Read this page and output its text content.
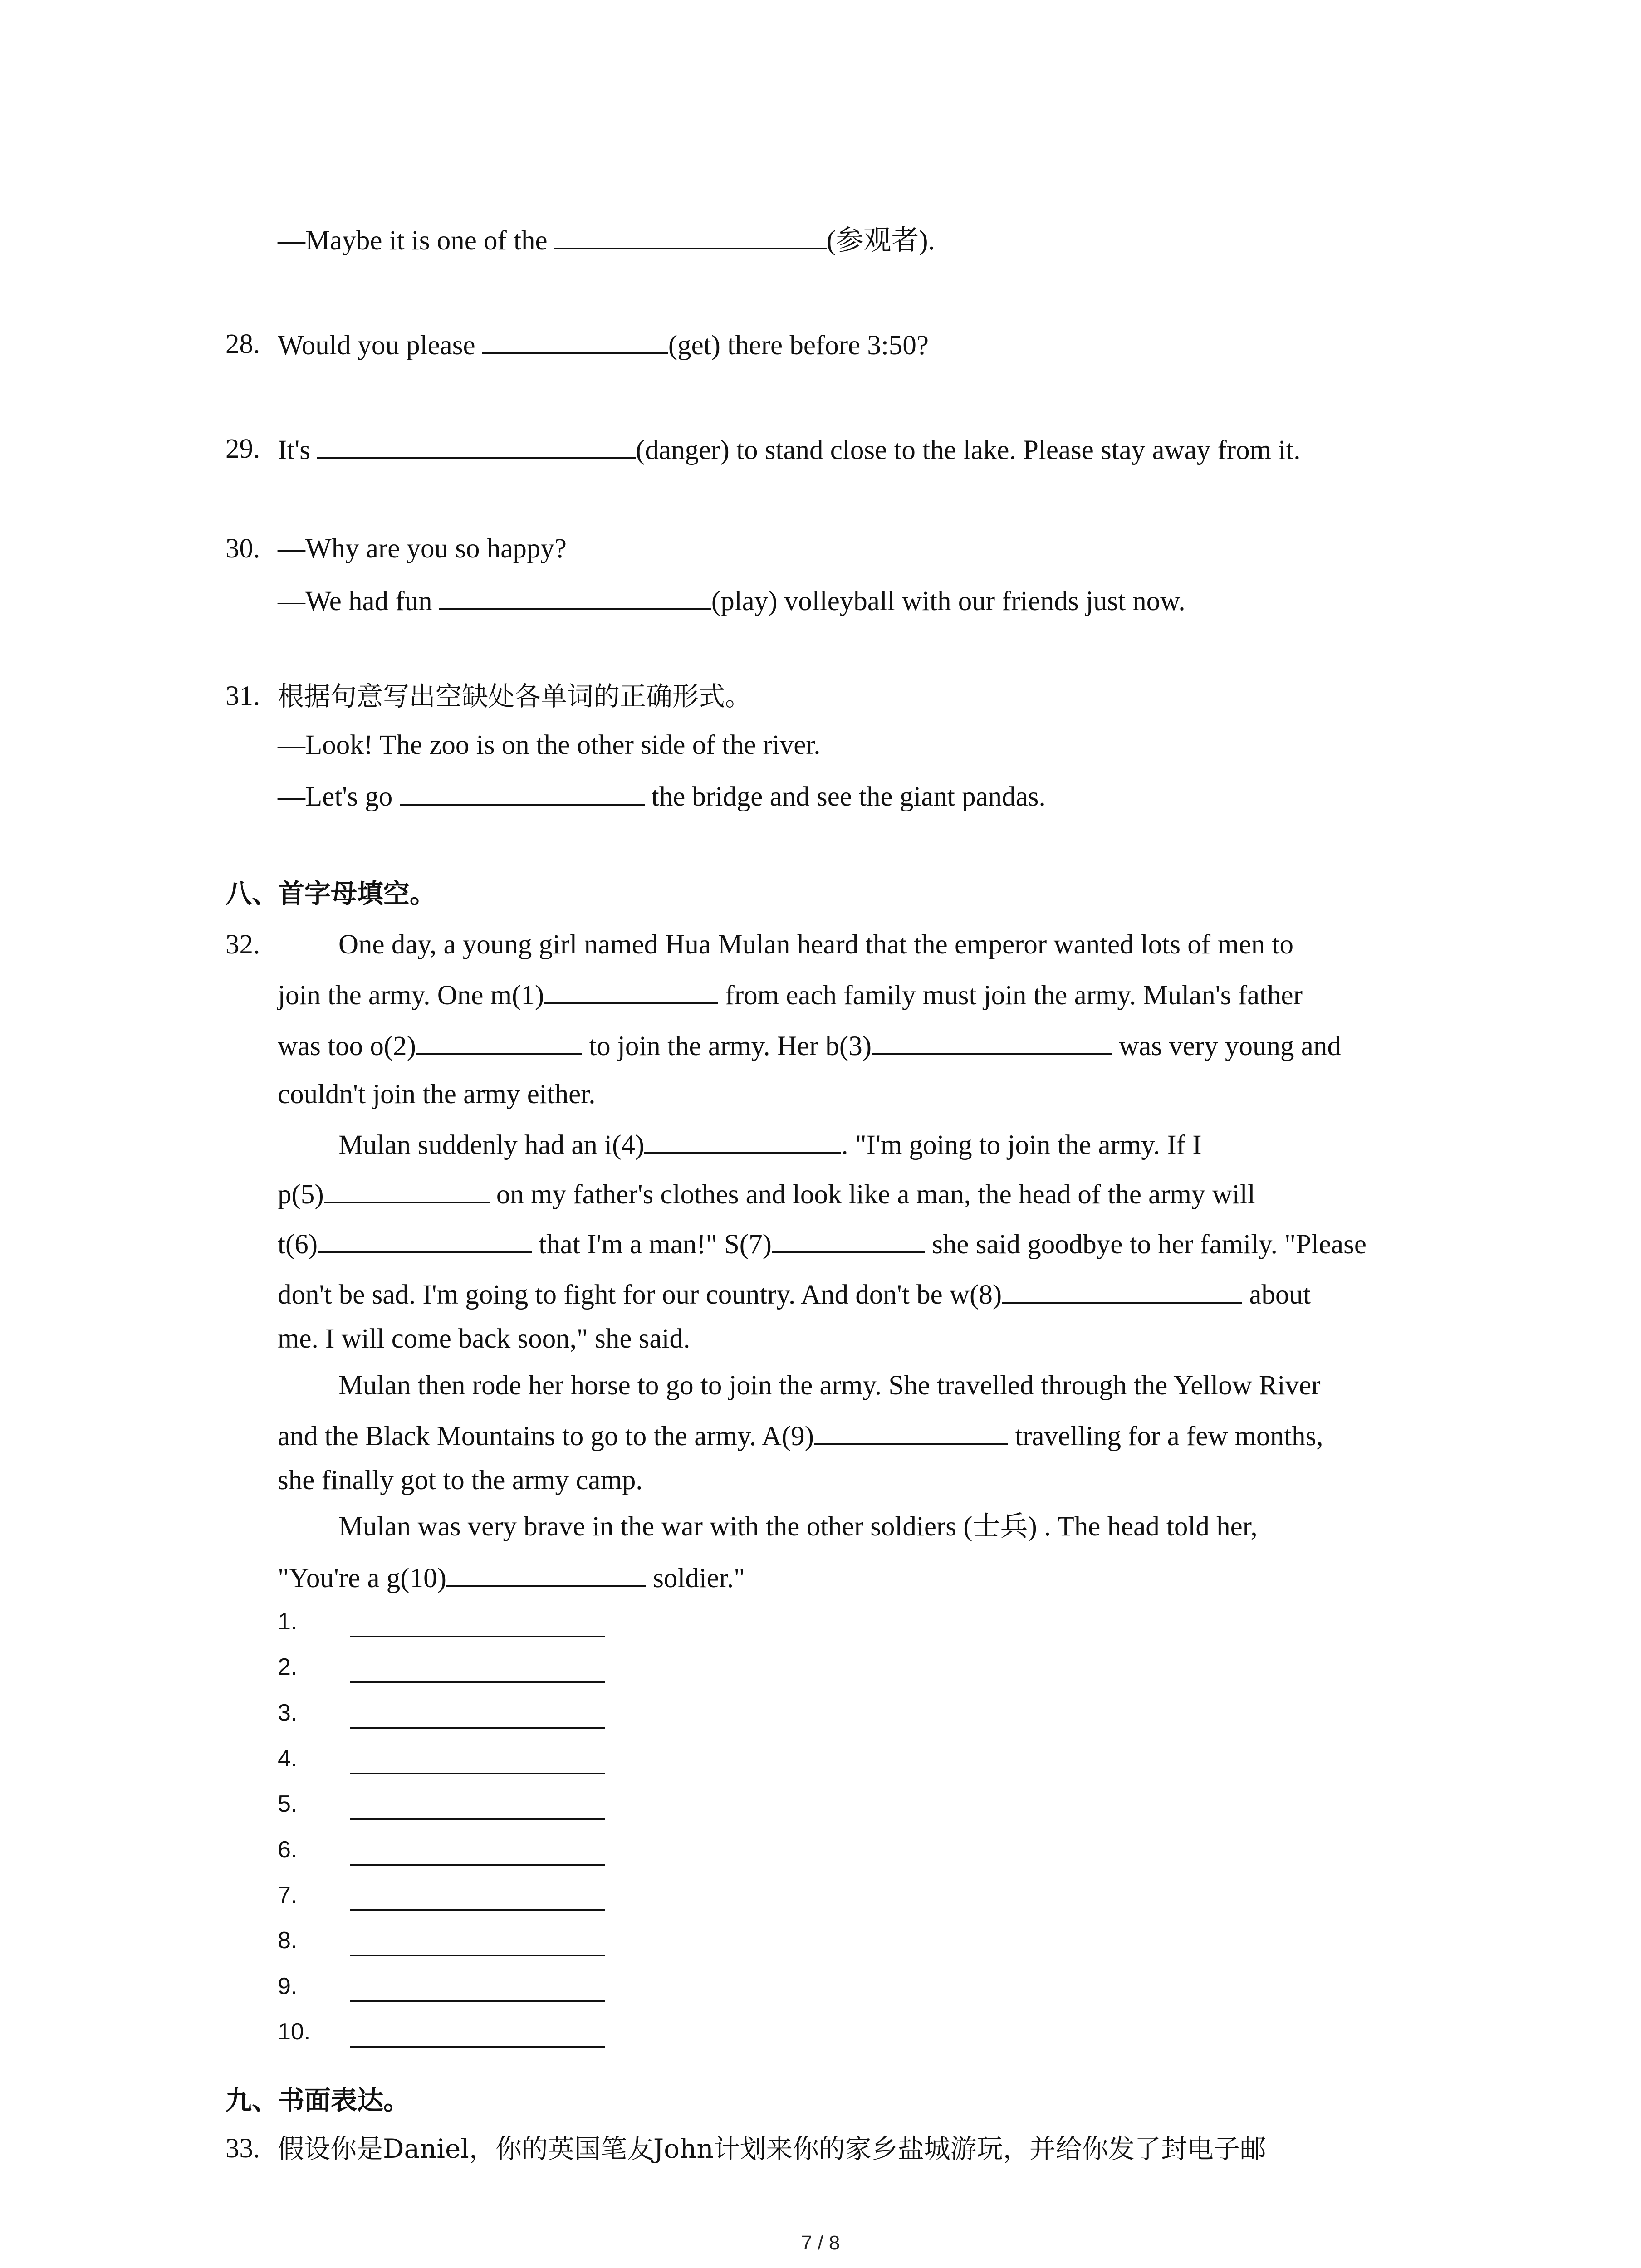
—Maybe it is one of the	(参观者).
28. Would you please	(get) there before 3:50?
29. It's	(danger) to stand close to the lake. Please stay away from it.
30. —Why are you so happy?
—We had fun	(play) volleyball with our friends just now.
31. 根据句意写出空缺处各单词的正确形式。
—Look! The zoo is on the other side of the river.
—Let's go	the bridge and see the giant pandas.
八、首字母填空。
32.	One day, a young girl named Hua Mulan heard that the emperor wanted lots of men to
join the army. One m(1)	from each family must join the army. Mulan's father
was too o(2)	to join the army. Her b(3)	was very young and
couldn't join the army either.
Mulan suddenly had an i(4)	. "I'm going to join the army. If I
p(5)	on my father's clothes and look like a man, the head of the army will
t(6)	that I'm a man!" S(7)	she said goodbye to her family. "Please
don't be sad. I'm going to fight for our country. And don't be w(8)	about
me. I will come back soon," she said.
Mulan then rode her horse to go to join the army. She travelled through the Yellow River
and the Black Mountains to go to the army. A(9)	travelling for a few months,
she finally got to the army camp.
Mulan was very brave in the war with the other soldiers (士兵) . The head told her,
"You're a g(10)	soldier."
1.
2.
3.
4.
5.
6.
7.
8.
9.
10.
九、书面表达。
33. 假设你是Daniel，你的英国笔友John计划来你的家乡盐城游玩，并给你发了封电子邮
7 / 8
